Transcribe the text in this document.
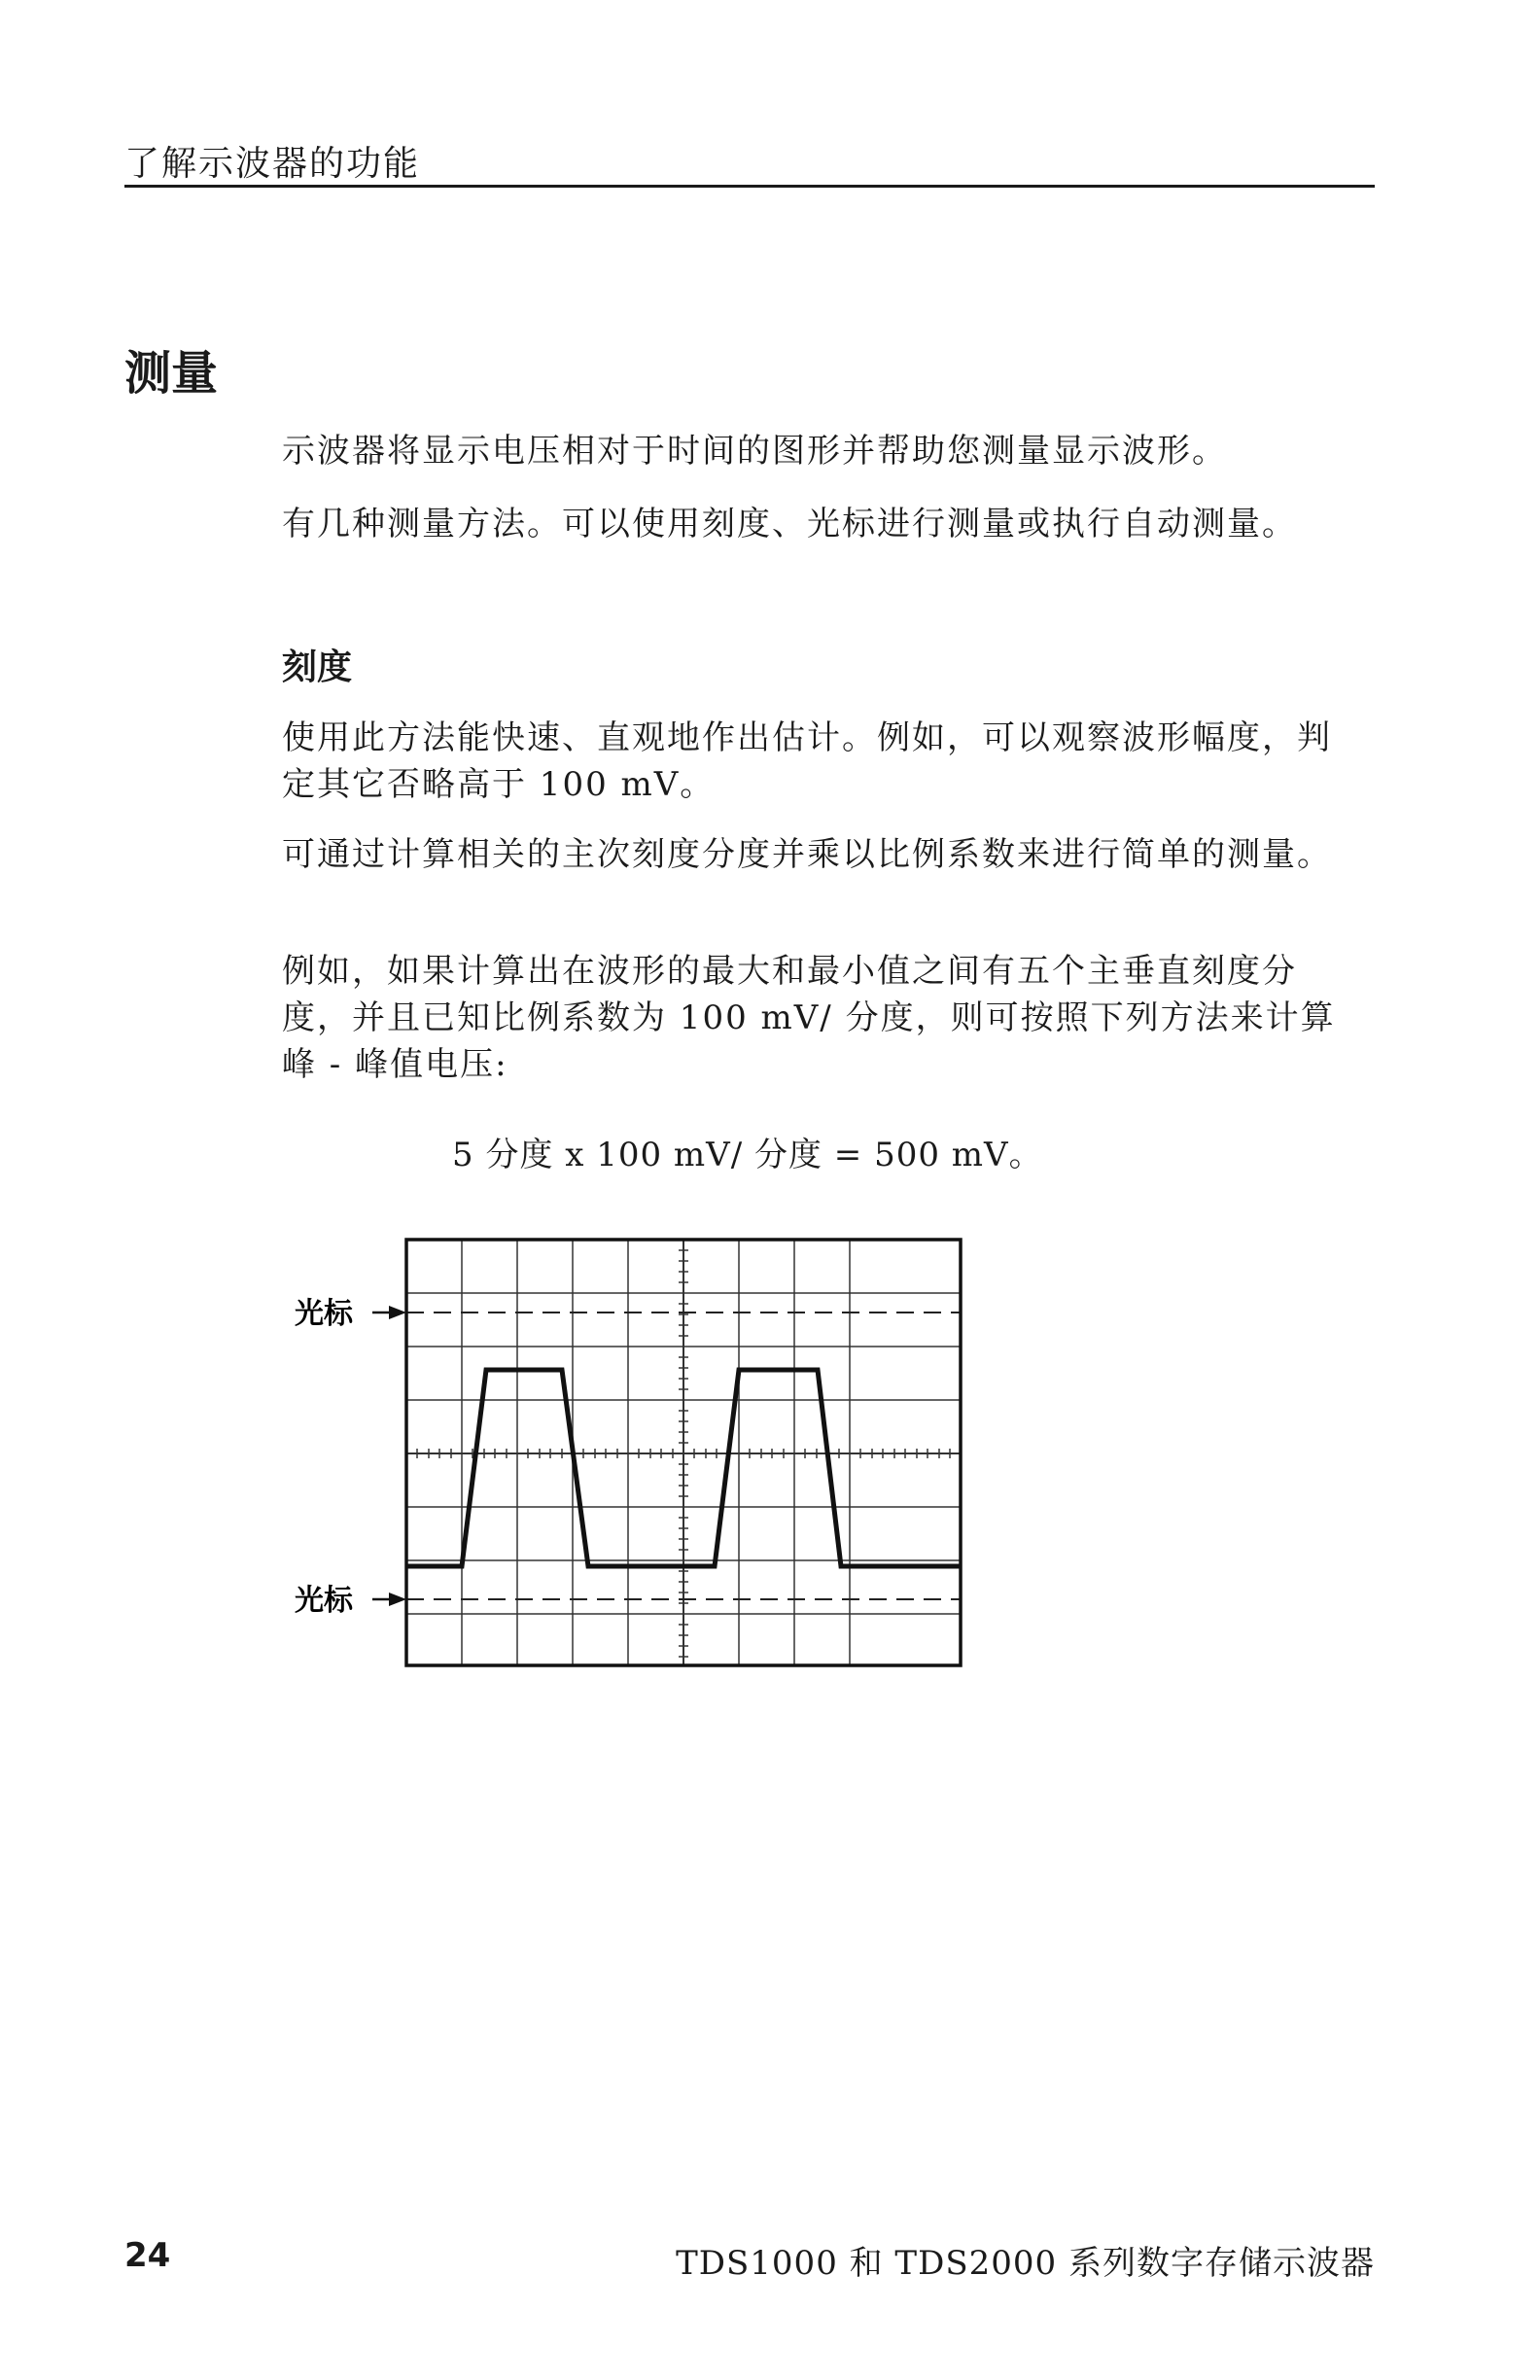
了解示波器的功能
测量

示波器将显示电压相对于时间的图形并帮助您测量显示波形。

有几种测量方法。可以使用刻度、光标进行测量或执行自动测量。

刻度

使用此方法能快速、直观地作出估计。例如，可以观察波形幅度，判定其它否略高于 100 mV。

可通过计算相关的主次刻度分度并乘以比例系数来进行简单的测量。

例如，如果计算出在波形的最大和最小值之间有五个主垂直刻度分度，并且已知比例系数为 100 mV/ 分度，则可按照下列方法来计算峰 - 峰值电压:

5 分度 x 100 mV/ 分度 = 500 mV。
光标
光标
24	TDS1000 和 TDS2000 系列数字存储示波器
